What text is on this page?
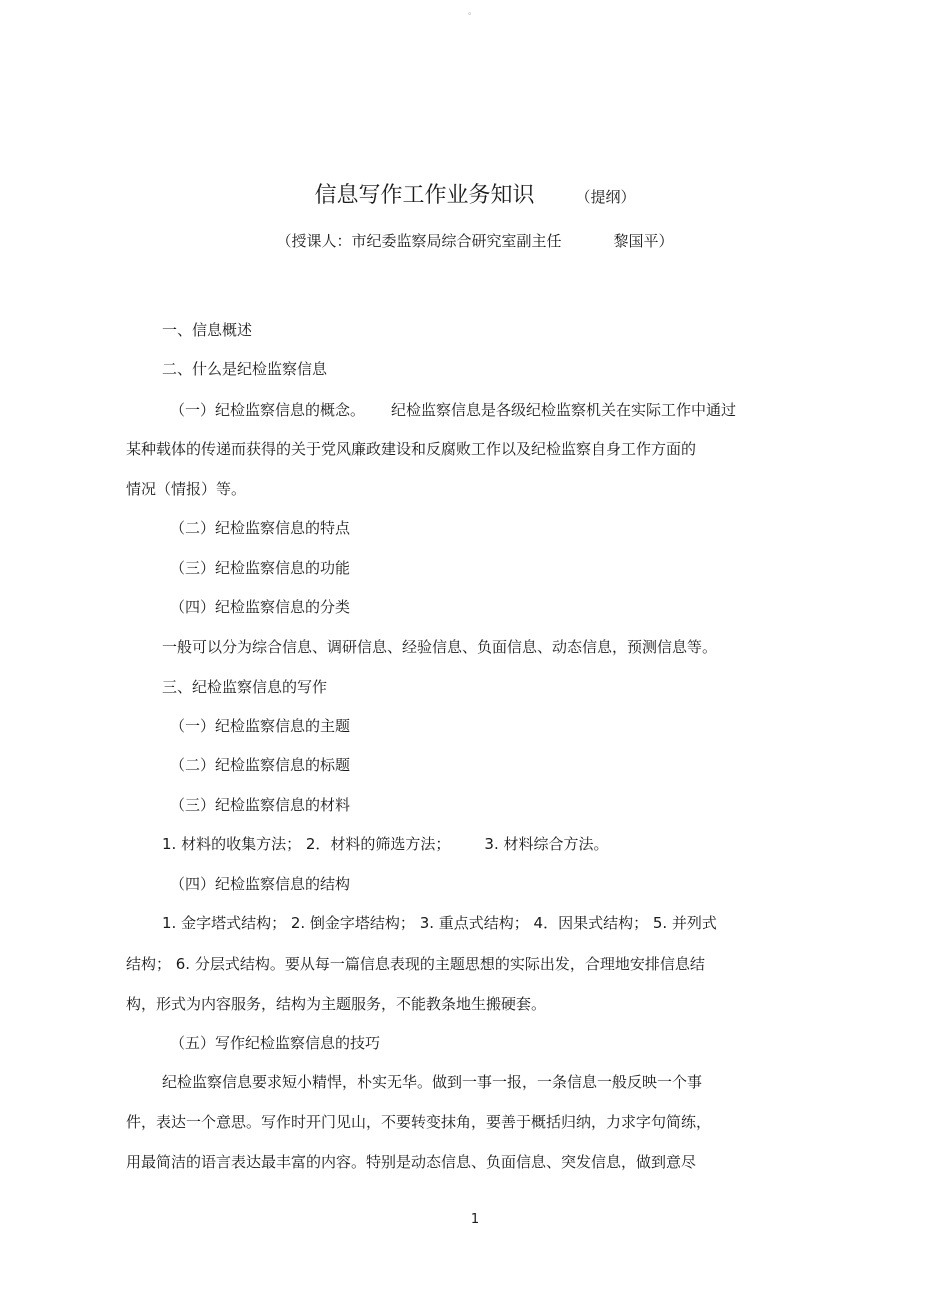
。
信息写作工作业务知识	（提纲）
（授课人：市纪委监察局综合研究室副主任	黎国平）
一、信息概述
二、什么是纪检监察信息
（一）纪检监察信息的概念。 纪检监察信息是各级纪检监察机关在实际工作中通过
某种载体的传递而获得的关于党风廉政建设和反腐败工作以及纪检监察自身工作方面的
情况（情报）等。
（二）纪检监察信息的特点
（三）纪检监察信息的功能
（四）纪检监察信息的分类
一般可以分为综合信息、调研信息、经验信息、负面信息、动态信息，预测信息等。
三、纪检监察信息的写作
（一）纪检监察信息的主题
（二）纪检监察信息的标题
（三）纪检监察信息的材料
1. 材料的收集方法； 2．材料的筛选方法； 3. 材料综合方法。
（四）纪检监察信息的结构
1. 金字塔式结构； 2. 倒金字塔结构； 3. 重点式结构； 4．因果式结构； 5. 并列式
结构； 6. 分层式结构。要从每一篇信息表现的主题思想的实际出发，合理地安排信息结
构，形式为内容服务，结构为主题服务，不能教条地生搬硬套。
（五）写作纪检监察信息的技巧
纪检监察信息要求短小精悍，朴实无华。做到一事一报，一条信息一般反映一个事
件，表达一个意思。写作时开门见山，不要转变抹角，要善于概括归纳，力求字句简练，
用最简洁的语言表达最丰富的内容。特别是动态信息、负面信息、突发信息，做到意尽
1
